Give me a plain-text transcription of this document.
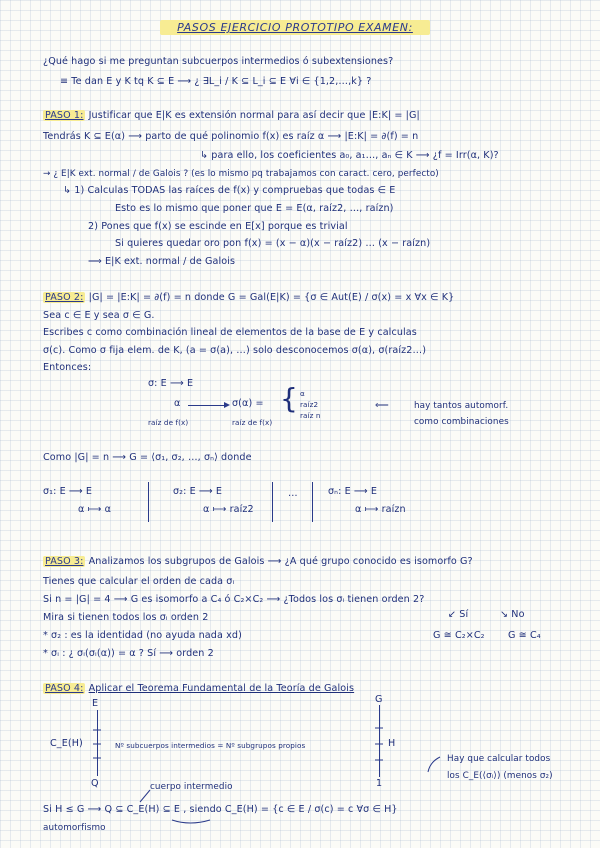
PASOS EJERCICIO PROTOTIPO EXAMEN:
¿Qué hago si me preguntan subcuerpos intermedios ó subextensiones?
≡ Te dan E y K tq K ⊆ E ⟶ ¿ ∃L_i / K ⊆ L_i ⊆ E ∀i ∈ {1,2,…,k} ?
PASO 1: Justificar que E|K es extensión normal para así decir que |E:K| = |G|
Tendrás K ⊆ E(α) ⟶ parto de qué polinomio f(x) es raíz α ⟶ |E:K| = ∂(f) = n
↳ para ello, los coeficientes a₀, a₁…, aₙ ∈ K ⟶ ¿f = Irr(α, K)?
→ ¿ E|K ext. normal / de Galois ? (es lo mismo pq trabajamos con caract. cero, perfecto)
↳ 1) Calculas TODAS las raíces de f(x) y compruebas que todas ∈ E
Esto es lo mismo que poner que E = E(α, raíz2, …, raízn)
2) Pones que f(x) se escinde en E[x] porque es trivial
Si quieres quedar oro pon f(x) = (x − α)(x − raíz2) … (x − raízn)
⟹ E|K ext. normal / de Galois
PASO 2: |G| = |E:K| = ∂(f) = n donde G = Gal(E|K) = {σ ∈ Aut(E) / σ(x) = x ∀x ∈ K}
Sea c ∈ E y sea σ ∈ G.
Escribes c como combinación lineal de elementos de la base de E y calculas
σ(c). Como σ fija elem. de K, (a = σ(a), …) solo desconocemos σ(α), σ(raíz2…)
Entonces:
σ: E ⟶ E
α	σ(α) = { α
raíz2
raíz n
⟸	hay tantos automorf.
como combinaciones
raíz de f(x)	raíz de f(x)
Como |G| = n ⟶ G = ⟨σ₁, σ₂, …, σₙ⟩ donde
σ₁: E ⟶ E
α ⟼ α
σ₂: E ⟶ E
α ⟼ raíz2
…	σₙ: E ⟶ E
α ⟼ raízn
PASO 3: Analizamos los subgrupos de Galois ⟶ ¿A qué grupo conocido es isomorfo G?
Tienes que calcular el orden de cada σᵢ
Si n = |G| = 4 ⟶ G es isomorfo a C₄ ó C₂×C₂ ⟶ ¿Todos los σᵢ tienen orden 2?
Mira si tienen todos los σᵢ orden 2	↙ Sí	↘ No
* σ₂ : es la identidad (no ayuda nada xd)	G ≅ C₂×C₂ G ≅ C₄
* σᵢ : ¿ σᵢ(σᵢ(α)) = α ? Sí ⟶ orden 2
PASO 4: Aplicar el Teorema Fundamental de la Teoría de Galois
E	G
C_E(H)	H
Nº subcuerpos intermedios = Nº subgrupos propios
Q	1
Hay que calcular todos
los C_E(⟨σᵢ⟩) (menos σ₂)
cuerpo intermedio
Si H ≤ G ⟶ Q ⊆ C_E(H) ⊆ E , siendo C_E(H) = {c ∈ E / σ(c) = c ∀σ ∈ H}
automorfismo
